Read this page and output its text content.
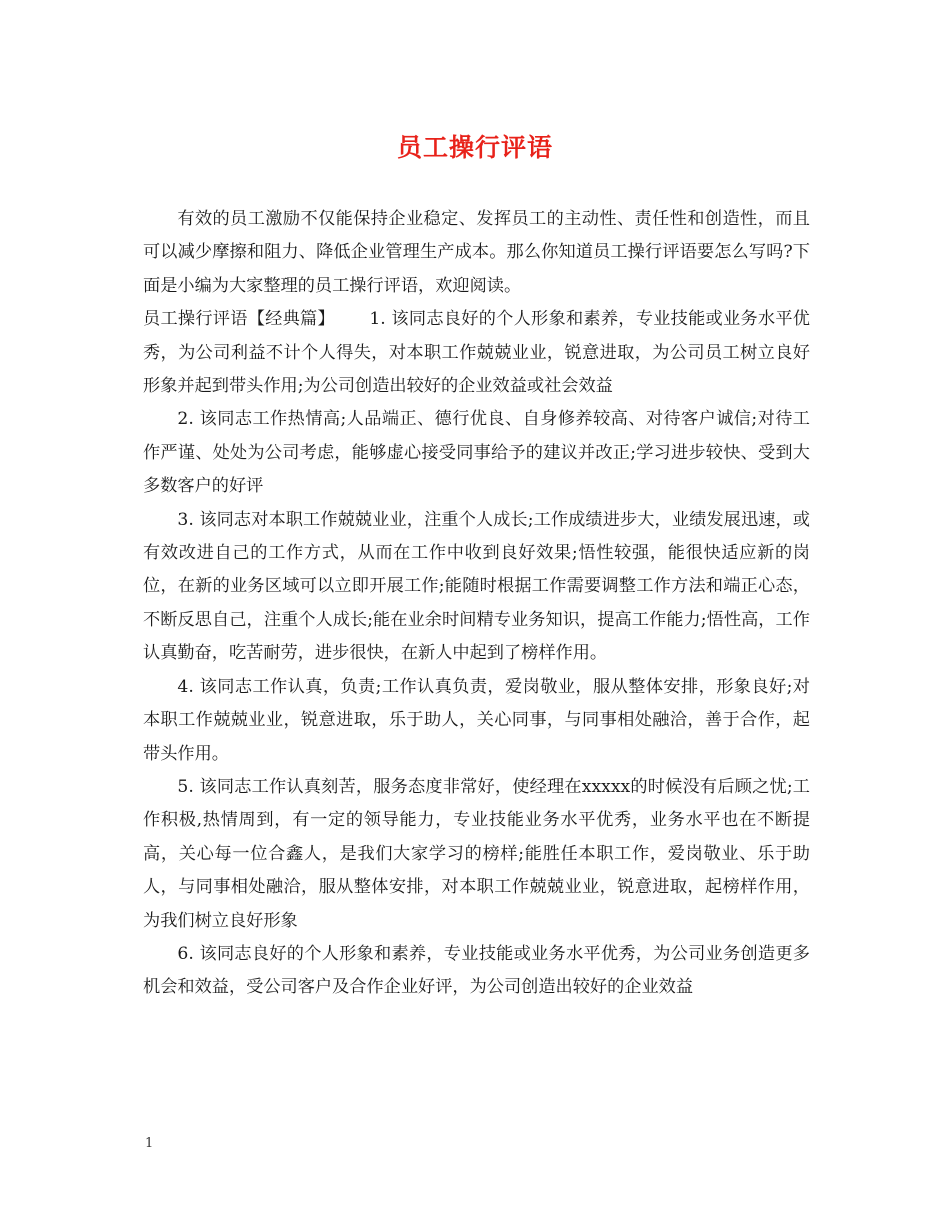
员工操行评语

有效的员工激励不仅能保持企业稳定、发挥员工的主动性、责任性和创造性，而且可以减少摩擦和阻力、降低企业管理生产成本。那么你知道员工操行评语要怎么写吗?下面是小编为大家整理的员工操行评语，欢迎阅读。

员工操行评语【经典篇】 1. 该同志良好的个人形象和素养，专业技能或业务水平优秀，为公司利益不计个人得失，对本职工作兢兢业业，锐意进取，为公司员工树立良好形象并起到带头作用;为公司创造出较好的企业效益或社会效益

2. 该同志工作热情高;人品端正、德行优良、自身修养较高、对待客户诚信;对待工作严谨、处处为公司考虑，能够虚心接受同事给予的建议并改正;学习进步较快、受到大多数客户的好评

3. 该同志对本职工作兢兢业业，注重个人成长;工作成绩进步大，业绩发展迅速，或有效改进自己的工作方式，从而在工作中收到良好效果;悟性较强，能很快适应新的岗位，在新的业务区域可以立即开展工作;能随时根据工作需要调整工作方法和端正心态，不断反思自己，注重个人成长;能在业余时间精专业务知识，提高工作能力;悟性高，工作认真勤奋，吃苦耐劳，进步很快，在新人中起到了榜样作用。

4. 该同志工作认真，负责;工作认真负责，爱岗敬业，服从整体安排，形象良好;对本职工作兢兢业业，锐意进取，乐于助人，关心同事，与同事相处融洽，善于合作，起带头作用。

5. 该同志工作认真刻苦，服务态度非常好，使经理在xxxxx的时候没有后顾之忧;工作积极,热情周到，有一定的领导能力，专业技能业务水平优秀，业务水平也在不断提高，关心每一位合鑫人，是我们大家学习的榜样;能胜任本职工作，爱岗敬业、乐于助人，与同事相处融洽，服从整体安排，对本职工作兢兢业业，锐意进取，起榜样作用，为我们树立良好形象

6. 该同志良好的个人形象和素养，专业技能或业务水平优秀，为公司业务创造更多机会和效益，受公司客户及合作企业好评，为公司创造出较好的企业效益

1
